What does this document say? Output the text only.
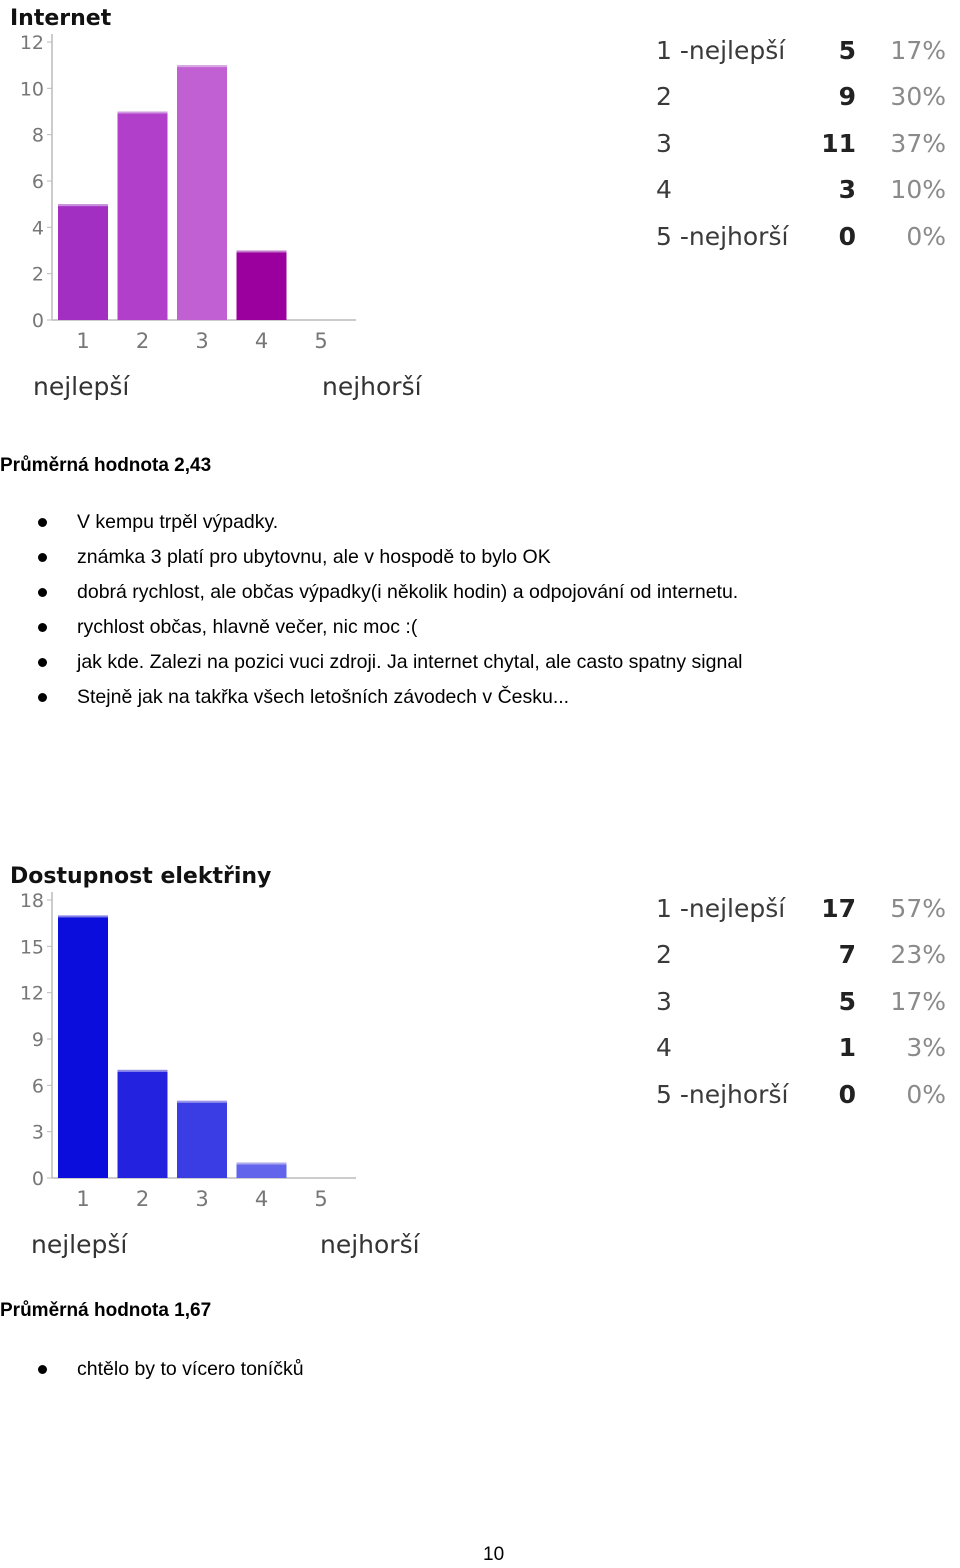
Internet
0
2
4
6
8
10
12
1 2 3 4 5
nejlepší	nejhorší
1 -nejlepší	5	17%
2	9	30%
3	11	37%
4	3	10%
5 -nejhorší	0	0%
Průměrná hodnota 2,43
V kempu trpěl výpadky.
známka 3 platí pro ubytovnu, ale v hospodě to bylo OK
dobrá rychlost, ale občas výpadky(i několik hodin) a odpojování od internetu.
rychlost občas, hlavně večer, nic moc :(
jak kde. Zalezi na pozici vuci zdroji. Ja internet chytal, ale casto spatny signal
Stejně jak na takřka všech letošních závodech v Česku...
Dostupnost elektřiny
0
3
6
9
12
15
18
1 2 3 4 5
nejlepší	nejhorší
1 -nejlepší	17	57%
2	7	23%
3	5	17%
4	1	3%
5 -nejhorší	0	0%
Průměrná hodnota 1,67
chtělo by to vícero toníčků
10
